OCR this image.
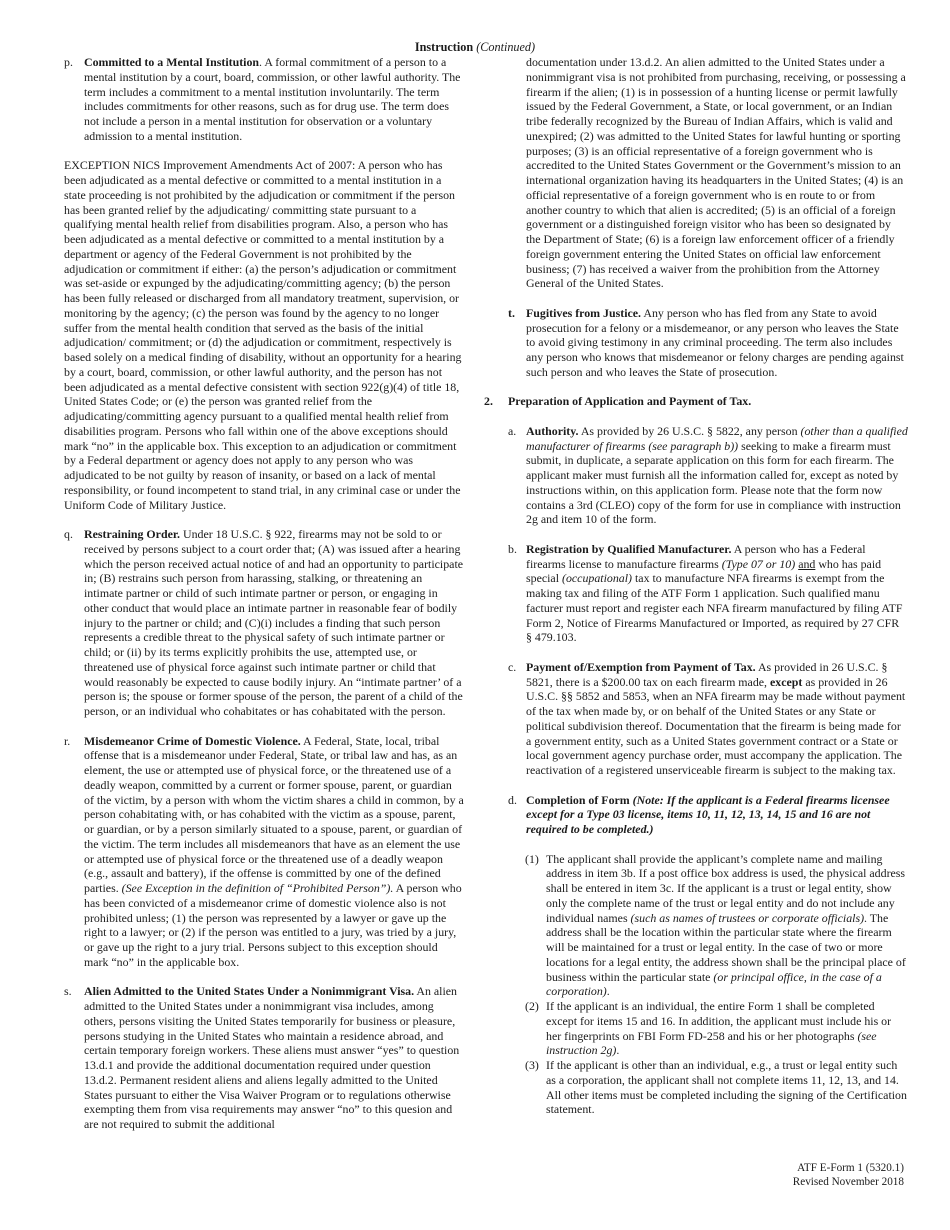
Instruction (Continued)
p. Committed to a Mental Institution. A formal commitment of a person to a mental institution by a court, board, commission, or other lawful authority. The term includes a commitment to a mental institution involuntarily. The term includes commitments for other reasons, such as for drug use. The term does not include a person in a mental institution for observation or a voluntary admission to a mental institution.

EXCEPTION NICS Improvement Amendments Act of 2007: A person who has been adjudicated as a mental defective or committed to a mental institution in a state proceeding is not prohibited by the adjudication or commitment if the person has been granted relief by the adjudicating/ committing state pursuant to a qualifying mental health relief from disabilities program. Also, a person who has been adjudicated as a mental defective or committed to a mental institution by a department or agency of the Federal Government is not prohibited by the adjudication or commitment if either: (a) the person’s adjudication or commitment was set-aside or expunged by the adjudicating/committing agency; (b) the person has been fully released or discharged from all mandatory treatment, supervision, or monitoring by the agency; (c) the person was found by the agency to no longer suffer from the mental health condition that served as the basis of the initial adjudication/ commitment; or (d) the adjudication or commitment, respectively is based solely on a medical finding of disability, without an opportunity for a hearing by a court, board, commission, or other lawful authority, and the person has not been adjudicated as a mental defective consistent with section 922(g)(4) of title 18, United States Code; or (e) the person was granted relief from the adjudicating/committing agency pursuant to a qualified mental health relief from disabilities program. Persons who fall within one of the above exceptions should mark “no” in the applicable box. This exception to an adjudication or commitment by a Federal department or agency does not apply to any person who was adjudicated to be not guilty by reason of insanity, or based on a lack of mental responsibility, or found incompetent to stand trial, in any criminal case or under the Uniform Code of Military Justice.

q. Restraining Order. Under 18 U.S.C. § 922, firearms may not be sold to or received by persons subject to a court order that; (A) was issued after a hearing which the person received actual notice of and had an opportunity to participate in; (B) restrains such person from harassing, stalking, or threatening an intimate partner or child of such intimate partner or person, or engaging in other conduct that would place an intimate partner in reasonable fear of bodily injury to the partner or child; and (C)(i) includes a finding that such person represents a credible threat to the physical safety of such intimate partner or child; or (ii) by its terms explicitly prohibits the use, attempted use, or threatened use of physical force against such intimate partner or child that would reasonably be expected to cause bodily injury. An “intimate partner’ of a person is; the spouse or former spouse of the person, the parent of a child of the person, or an individual who cohabitates or has cohabitated with the person.

r. Misdemeanor Crime of Domestic Violence. A Federal, State, local, tribal offense that is a misdemeanor under Federal, State, or tribal law and has, as an element, the use or attempted use of physical force, or the threatened use of a deadly weapon, committed by a current or former spouse, parent, or guardian of the victim, by a person with whom the victim shares a child in common, by a person cohabitating with, or has cohabited with the victim as a spouse, parent, or guardian, or by a person similarly situated to a spouse, parent, or guardian of the victim. The term includes all misdemeanors that have as an element the use or attempted use of physical force or the threatened use of a deadly weapon (e.g., assault and battery), if the offense is committed by one of the defined parties. (See Exception in the definition of “Prohibited Person”). A person who has been convicted of a misdemeanor crime of domestic violence also is not prohibited unless; (1) the person was represented by a lawyer or gave up the right to a lawyer; or (2) if the person was entitled to a jury, was tried by a jury, or gave up the right to a jury trial. Persons subject to this exception should mark “no” in the applicable box.

s. Alien Admitted to the United States Under a Nonimmigrant Visa. An alien admitted to the United States under a nonimmigrant visa includes, among others, persons visiting the United States temporarily for business or pleasure, persons studying in the United States who maintain a residence abroad, and certain temporary foreign workers. These aliens must answer “yes” to question 13.d.1 and provide the additional documentation required under question 13.d.2. Permanent resident aliens and aliens legally admitted to the United States pursuant to either the Visa Waiver Program or to regulations otherwise exempting them from visa requirements may answer “no” to this quesion and are not required to submit the additional

documentation under 13.d.2. An alien admitted to the United States under a nonimmigrant visa is not prohibited from purchasing, receiving, or possessing a firearm if the alien; (1) is in possession of a hunting license or permit lawfully issued by the Federal Government, a State, or local government, or an Indian tribe federally recognized by the Bureau of Indian Affairs, which is valid and unexpired; (2) was admitted to the United States for lawful hunting or sporting purposes; (3) is an official representative of a foreign government who is accredited to the United States Government or the Government’s mission to an international organization having its headquarters in the United States; (4) is an official representative of a foreign government who is en route to or from another country to which that alien is accredited; (5) is an official of a foreign government or a distinguished foreign visitor who has been so designated by the Department of State; (6) is a foreign law enforcement officer of a friendly foreign government entering the United States on official law enforcement business; (7) has received a waiver from the prohibition from the Attorney General of the United States.

t. Fugitives from Justice. Any person who has fled from any State to avoid prosecution for a felony or a misdemeanor, or any person who leaves the State to avoid giving testimony in any criminal proceeding. The term also includes any person who knows that misdemeanor or felony charges are pending against such person and who leaves the State of prosecution.

2. Preparation of Application and Payment of Tax.
a. Authority. As provided by 26 U.S.C. § 5822, any person (other than a qualified manufacturer of firearms (see paragraph b)) seeking to make a firearm must submit, in duplicate, a separate application on this form for each firearm. The applicant maker must furnish all the information called for, except as noted by instructions within, on this application form. Please note that the form now contains a 3rd (CLEO) copy of the form for use in compliance with instruction 2g and item 10 of the form.

b. Registration by Qualified Manufacturer. A person who has a Federal firearms license to manufacture firearms (Type 07 or 10) and who has paid special (occupational) tax to manufacture NFA firearms is exempt from the making tax and filing of the ATF Form 1 application. Such qualified manu facturer must report and register each NFA firearm manufactured by filing ATF Form 2, Notice of Firearms Manufactured or Imported, as required by 27 CFR § 479.103.

c. Payment of/Exemption from Payment of Tax. As provided in 26 U.S.C. § 5821, there is a $200.00 tax on each firearm made, except as provided in 26 U.S.C. §§ 5852 and 5853, when an NFA firearm may be made without payment of the tax when made by, or on behalf of the United States or any State or political subdivision thereof. Documentation that the firearm is being made for a government entity, such as a United States government contract or a State or local government agency purchase order, must accompany the application. The reactivation of a registered unserviceable firearm is subject to the making tax.

d. Completion of Form (Note: If the applicant is a Federal firearms licensee except for a Type 03 license, items 10, 11, 12, 13, 14, 15 and 16 are not required to be completed.)

(1) The applicant shall provide the applicant’s complete name and mailing address in item 3b. If a post office box address is used, the physical address shall be entered in item 3c. If the applicant is a trust or legal entity, show only the complete name of the trust or legal entity and do not include any individual names (such as names of trustees or corporate officials). The address shall be the location within the particular state where the firearm will be maintained for a trust or legal entity. In the case of two or more locations for a legal entity, the address shown shall be the principal place of business within the particular state (or principal office, in the case of a corporation).

(2) If the applicant is an individual, the entire Form 1 shall be completed except for items 15 and 16. In addition, the applicant must include his or her fingerprints on FBI Form FD-258 and his or her photographs (see instruction 2g).

(3) If the applicant is other than an individual, e.g., a trust or legal entity such as a corporation, the applicant shall not complete items 11, 12, 13, and 14. All other items must be completed including the signing of the Certification statement.

ATF E-Form 1 (5320.1)
Revised November 2018
